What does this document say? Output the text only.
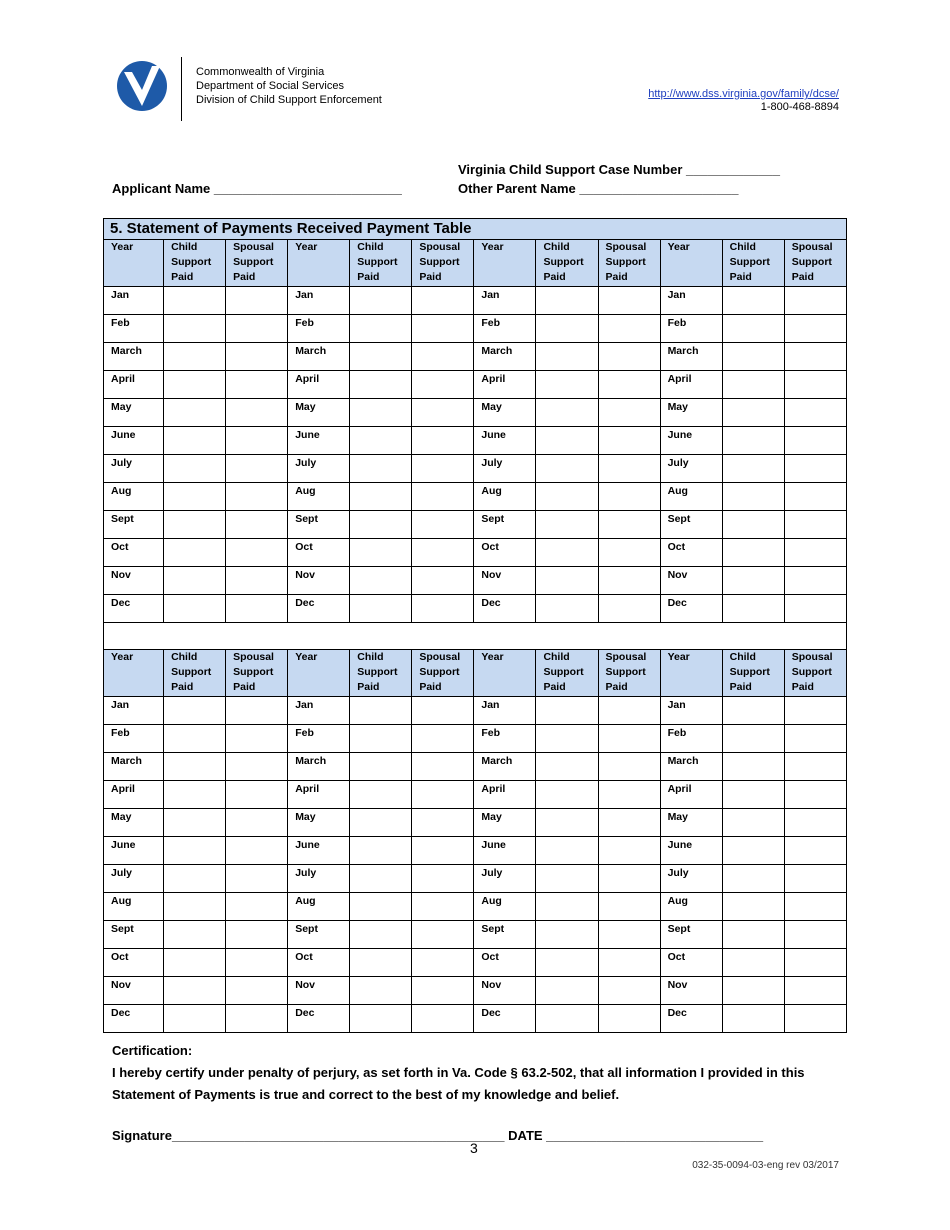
Commonwealth of Virginia
Department of Social Services
Division of Child Support Enforcement	http://www.dss.virginia.gov/family/dcse/
1-800-468-8894
Virginia Child Support Case Number _____________
Applicant Name __________________________	Other Parent Name ______________________
5. Statement of Payments Received Payment Table											
Year	Child Support Paid	Spousal Support Paid	Year	Child Support Paid	Spousal Support Paid	Year	Child Support Paid	Spousal Support Paid	Year	Child Support Paid	Spousal Support Paid
Jan			Jan			Jan			Jan		
Feb			Feb			Feb			Feb		
March			March			March			March		
April			April			April			April		
May			May			May			May		
June			June			June			June		
July			July			July			July		
Aug			Aug			Aug			Aug		
Sept			Sept			Sept			Sept		
Oct			Oct			Oct			Oct		
Nov			Nov			Nov			Nov		
Dec			Dec			Dec			Dec		

Year	Child Support Paid	Spousal Support Paid	Year	Child Support Paid	Spousal Support Paid	Year	Child Support Paid	Spousal Support Paid	Year	Child Support Paid	Spousal Support Paid
Jan			Jan			Jan			Jan		
Feb			Feb			Feb			Feb		
March			March			March			March		
April			April			April			April		
May			May			May			May		
June			June			June			June		
July			July			July			July		
Aug			Aug			Aug			Aug		
Sept			Sept			Sept			Sept		
Oct			Oct			Oct			Oct		
Nov			Nov			Nov			Nov		
Dec			Dec			Dec			Dec		
Certification:
I hereby certify under penalty of perjury, as set forth in Va. Code § 63.2-502, that all information I provided in this Statement of Payments is true and correct to the best of my knowledge and belief.
Signature______________________________________________ DATE ______________________________
3
032-35-0094-03-eng rev 03/2017
